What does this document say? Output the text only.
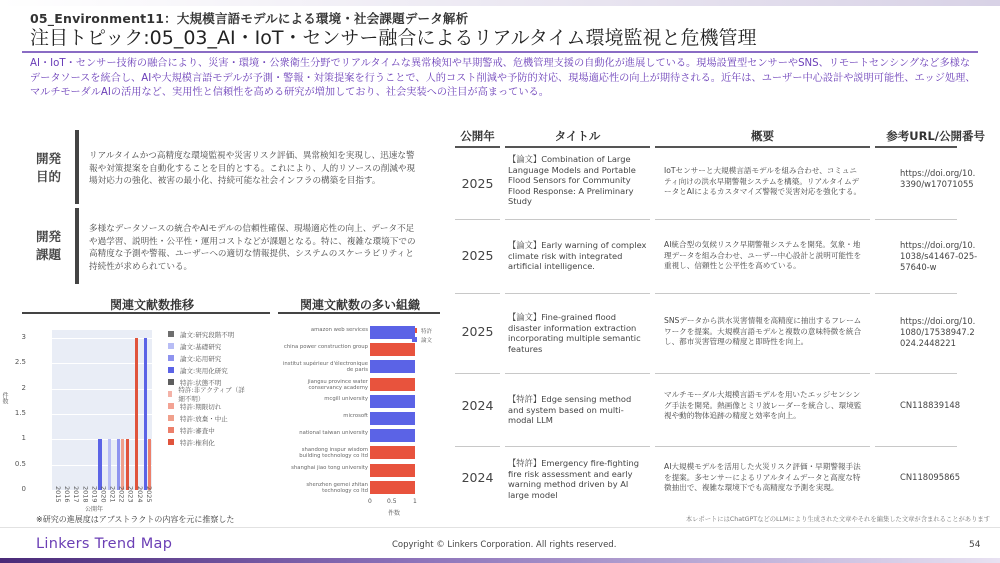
05_Environment11：大規模言語モデルによる環境・社会課題データ解析
注目トピック:05_03_AI・IoT・センサー融合によるリアルタイム環境監視と危機管理
AI・IoT・センサー技術の融合により、災害・環境・公衆衛生分野でリアルタイムな異常検知や早期警戒、危機管理支援の自動化が進展している。現場設置型センサーやSNS、リモートセンシングなど多様なデータソースを統合し、AIや大規模言語モデルが予測・警報・対策提案を行うことで、人的コスト削減や予防的対応、現場適応性の向上が期待される。近年は、ユーザー中心設計や説明可能性、エッジ処理、マルチモーダルAIの活用など、実用性と信頼性を高める研究が増加しており、社会実装への注目が高まっている。
開発
目的
リアルタイムかつ高精度な環境監視や災害リスク評価、異常検知を実現し、迅速な警報や対策提案を自動化することを目的とする。これにより、人的リソースの削減や現場対応力の強化、被害の最小化、持続可能な社会インフラの構築を目指す。
開発
課題
多様なデータソースの統合やAIモデルの信頼性確保、現場適応性の向上、データ不足や過学習、説明性・公平性・運用コストなどが課題となる。特に、複雑な環境下での高精度な予測や警報、ユーザーへの適切な情報提供、システムのスケーラビリティと持続性が求められている。
関連文献数推移	関連文献数の多い組織
件数
公開年
論文:研究段階不明
論文:基礎研究
論文:応用研究
論文:実用化研究
特許:状態不明
特許:非アクティブ（詳細不明）
特許:期限切れ
特許:放棄・中止
特許:審査中
特許:権利化
0
0.5
1
1.5
2
2.5
3
2015 2016 2017 2018 2019 2020 2021 2022 2023 2024 2025
特許
論文
0	0.5	1
件数
amazon web services
china power construction group
institut supérieur d'électronique de paris
jiangsu province water conservancy academy
mcgill university
microsoft
national taiwan university
shandong inspur wisdom building technology co ltd
shanghai jiao tong university
shenzhen gemei zhitan technology co ltd
※研究の進展度はアブストラクトの内容を元に推察した
公開年	タイトル	概要	参考URL/公開番号
2025
【論文】Combination of Large Language Models and Portable Flood Sensors for Community Flood Response: A Preliminary Study
IoTセンサーと大規模言語モデルを組み合わせ、コミュニティ向けの洪水早期警報システムを構築。リアルタイムデータとAIによるカスタマイズ警報で災害対応を強化する。
https://doi.org/10.3390/w17071055
2025
【論文】Early warning of complex climate risk with integrated artificial intelligence.
AI統合型の気候リスク早期警報システムを開発。気象・地理データを組み合わせ、ユーザー中心設計と説明可能性を重視し、信頼性と公平性を高めている。
https://doi.org/10.1038/s41467-025-57640-w
2025
【論文】Fine-grained flood disaster information extraction incorporating multiple semantic features
SNSデータから洪水災害情報を高精度に抽出するフレームワークを提案。大規模言語モデルと複数の意味特徴を統合し、都市災害管理の精度と即時性を向上。
https://doi.org/10.1080/17538947.2024.2448221
2024	【特許】Edge sensing method and system based on multi-modal LLM
マルチモーダル大規模言語モデルを用いたエッジセンシング手法を開発。熱画像とミリ波レーダーを統合し、環境監視や動的物体追跡の精度と効率を向上。
CN118839148
2024
【特許】Emergency fire-fighting fire risk assessment and early warning method driven by AI large model
AI大規模モデルを活用した火災リスク評価・早期警報手法を提案。多センサーによるリアルタイムデータと高度な特徴抽出で、複雑な環境下でも高精度な予測を実現。
CN118095865
本レポートにはChatGPTなどのLLMにより生成された文章やそれを編集した文章が含まれることがあります
Linkers Trend Map	Copyright © Linkers Corporation. All rights reserved.	54
